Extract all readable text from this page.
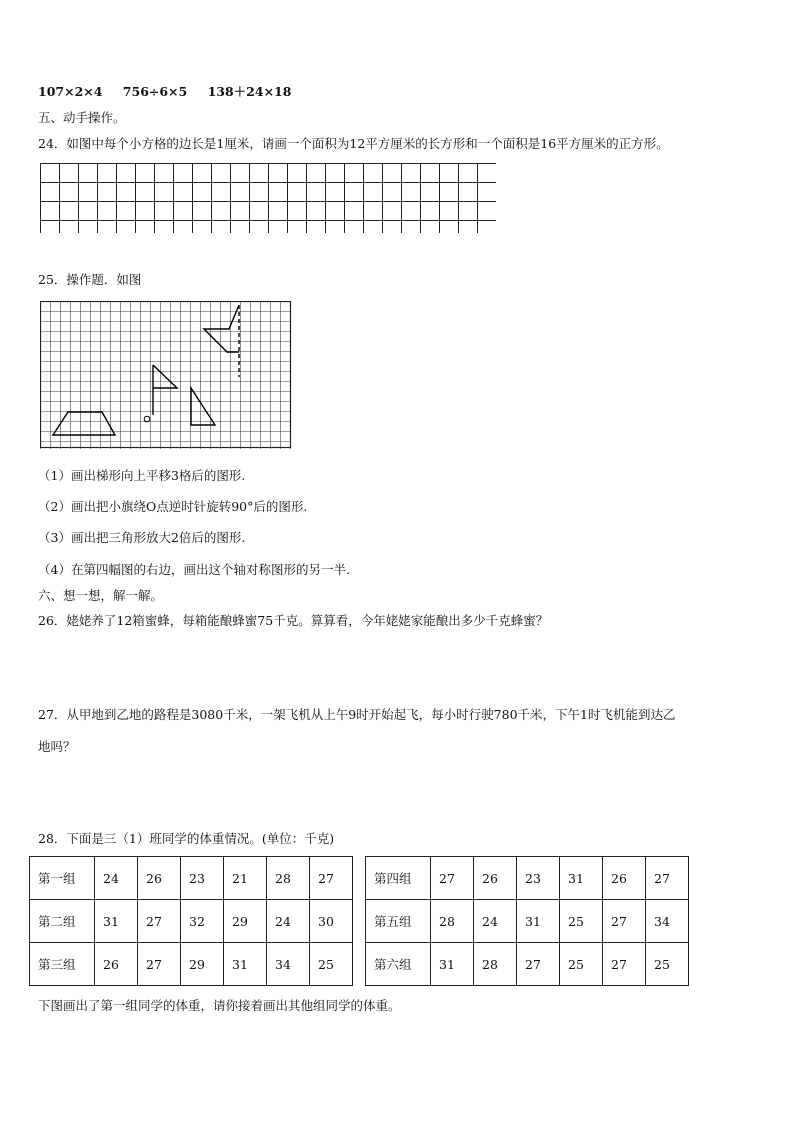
107×2×4 756÷6×5 138＋24×18
五、动手操作。
24．如图中每个小方格的边长是1厘米，请画一个面积为12平方厘米的长方形和一个面积是16平方厘米的正方形。
25．操作题．如图
O
（1）画出梯形向上平移3格后的图形.
（2）画出把小旗绕O点逆时针旋转90°后的图形.
（3）画出把三角形放大2倍后的图形.
（4）在第四幅图的右边，画出这个轴对称图形的另一半.
六、想一想，解一解。
26．姥姥养了12箱蜜蜂，每箱能酿蜂蜜75千克。算算看，今年姥姥家能酿出多少千克蜂蜜？
27．从甲地到乙地的路程是3080千米，一架飞机从上午9时开始起飞，每小时行驶780千米，下午1时飞机能到达乙
地吗？
28．下面是三（1）班同学的体重情况。(单位：千克)
第一组	24	26	23	21	28	27		第四组	27	26	23	31	26	27
第二组	31	27	32	29	24	30		第五组	28	24	31	25	27	34
第三组	26	27	29	31	34	25		第六组	31	28	27	25	27	25
下图画出了第一组同学的体重，请你接着画出其他组同学的体重。
